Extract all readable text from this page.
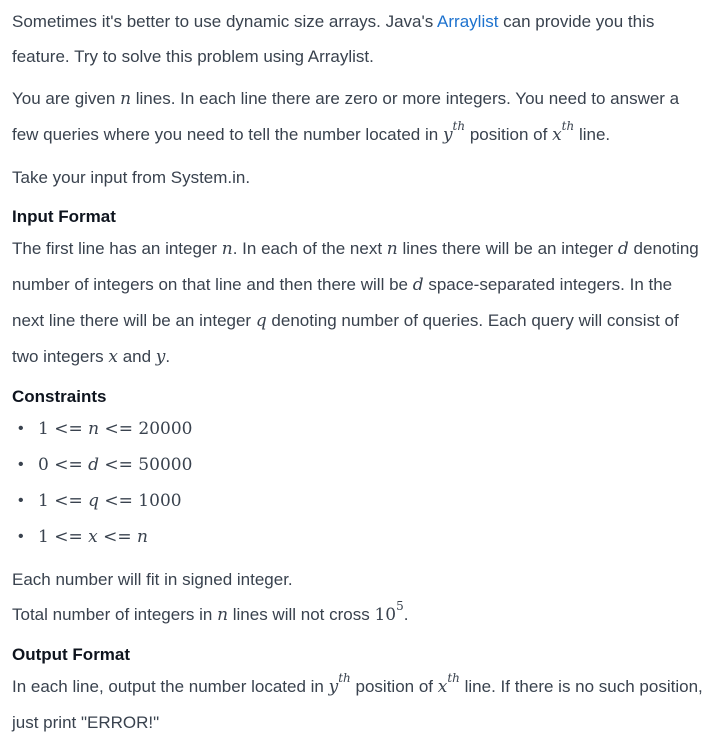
Sometimes it's better to use dynamic size arrays. Java's Arraylist can provide you this feature. Try to solve this problem using Arraylist.

You are given n lines. In each line there are zero or more integers. You need to answer a few queries where you need to tell the number located in $y^{th}$ position of $x^{th}$ line.

Take your input from System.in.

Input Format

The first line has an integer n. In each of the next n lines there will be an integer d denoting number of integers on that line and then there will be d space-separated integers. In the next line there will be an integer q denoting number of queries. Each query will consist of two integers x and y.

Constraints
• 1 <= n <= 20000
• 0 <= d <= 50000
• 1 <= q <= 1000
• 1 <= x <= n

Each number will fit in signed integer.

Total number of integers in n lines will not cross $10^5$.

Output Format

In each line, output the number located in $y^{th}$ position of $x^{th}$ line. If there is no such position, just print "ERROR!"
